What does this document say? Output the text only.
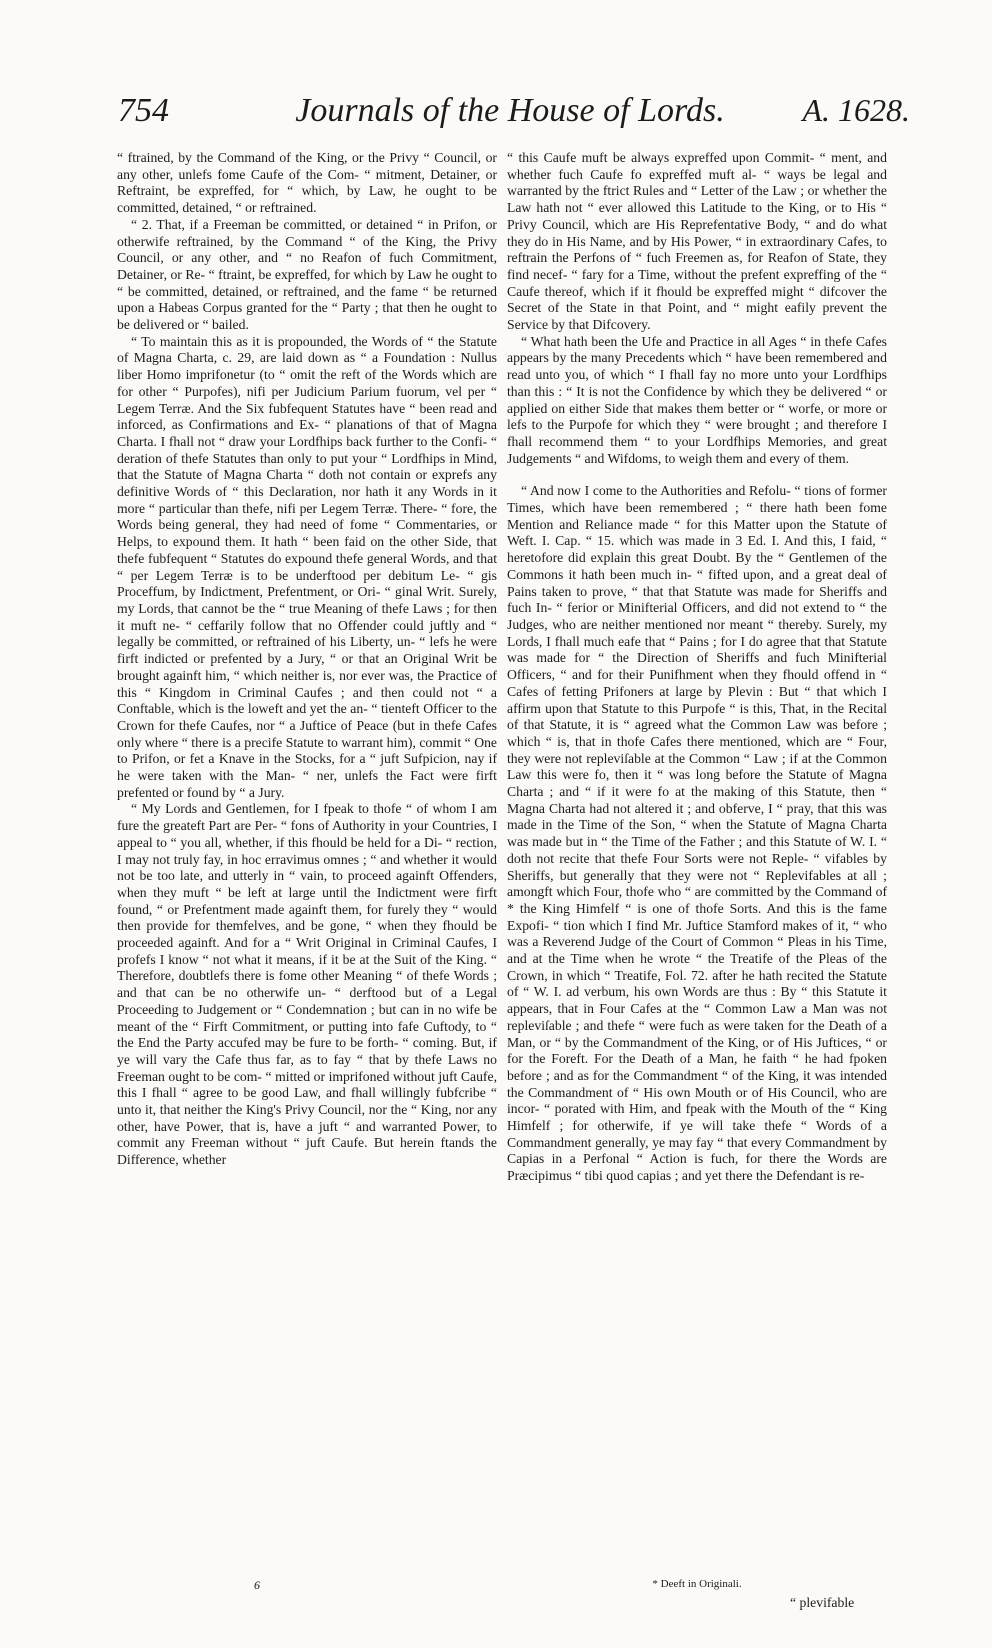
754	Journals of the House of Lords.	A. 1628.

“ ftrained, by the Command of the King, or the Privy “ Council, or any other, unlefs fome Caufe of the Com- “ mitment, Detainer, or Reftraint, be expreffed, for “ which, by Law, he ought to be committed, detained, “ or reftrained.

“ 2. That, if a Freeman be committed, or detained “ in Prifon, or otherwife reftrained, by the Command “ of the King, the Privy Council, or any other, and “ no Reafon of fuch Commitment, Detainer, or Re- “ ftraint, be expreffed, for which by Law he ought to “ be committed, detained, or reftrained, and the fame “ be returned upon a Habeas Corpus granted for the “ Party ; that then he ought to be delivered or “ bailed.

“ To maintain this as it is propounded, the Words of “ the Statute of Magna Charta, c. 29, are laid down as “ a Foundation : Nullus liber Homo imprifonetur (to “ omit the reft of the Words which are for other “ Purpofes), nifi per Judicium Parium fuorum, vel per “ Legem Terræ. And the Six fubfequent Statutes have “ been read and inforced, as Confirmations and Ex- “ planations of that of Magna Charta. I fhall not “ draw your Lordfhips back further to the Confi- “ deration of thefe Statutes than only to put your “ Lordfhips in Mind, that the Statute of Magna Charta “ doth not contain or exprefs any definitive Words of “ this Declaration, nor hath it any Words in it more “ particular than thefe, nifi per Legem Terræ. There- “ fore, the Words being general, they had need of fome “ Commentaries, or Helps, to expound them. It hath “ been faid on the other Side, that thefe fubfequent “ Statutes do expound thefe general Words, and that “ per Legem Terræ is to be underftood per debitum Le- “ gis Proceffum, by Indictment, Prefentment, or Ori- “ ginal Writ. Surely, my Lords, that cannot be the “ true Meaning of thefe Laws ; for then it muft ne- “ ceffarily follow that no Offender could juftly and “ legally be committed, or reftrained of his Liberty, un- “ lefs he were firft indicted or prefented by a Jury, “ or that an Original Writ be brought againft him, “ which neither is, nor ever was, the Practice of this “ Kingdom in Criminal Caufes ; and then could not “ a Conftable, which is the loweft and yet the an- “ tienteft Officer to the Crown for thefe Caufes, nor “ a Juftice of Peace (but in thefe Cafes only where “ there is a precife Statute to warrant him), commit “ One to Prifon, or fet a Knave in the Stocks, for a “ juft Sufpicion, nay if he were taken with the Man- “ ner, unlefs the Fact were firft prefented or found by “ a Jury.

“ My Lords and Gentlemen, for I fpeak to thofe “ of whom I am fure the greateft Part are Per- “ fons of Authority in your Countries, I appeal to “ you all, whether, if this fhould be held for a Di- “ rection, I may not truly fay, in hoc erravimus omnes ; “ and whether it would not be too late, and utterly in “ vain, to proceed againft Offenders, when they muft “ be left at large until the Indictment were firft found, “ or Prefentment made againft them, for furely they “ would then provide for themfelves, and be gone, “ when they fhould be proceeded againft. And for a “ Writ Original in Criminal Caufes, I profefs I know “ not what it means, if it be at the Suit of the King. “ Therefore, doubtlefs there is fome other Meaning “ of thefe Words ; and that can be no otherwife un- “ derftood but of a Legal Proceeding to Judgement or “ Condemnation ; but can in no wife be meant of the “ Firft Commitment, or putting into fafe Cuftody, to “ the End the Party accufed may be fure to be forth- “ coming. But, if ye will vary the Cafe thus far, as to fay “ that by thefe Laws no Freeman ought to be com- “ mitted or imprifoned without juft Caufe, this I fhall “ agree to be good Law, and fhall willingly fubfcribe “ unto it, that neither the King's Privy Council, nor the “ King, nor any other, have Power, that is, have a juft “ and warranted Power, to commit any Freeman without “ juft Caufe. But herein ftands the Difference, whether

“ this Caufe muft be always expreffed upon Commit- “ ment, and whether fuch Caufe fo expreffed muft al- “ ways be legal and warranted by the ftrict Rules and “ Letter of the Law ; or whether the Law hath not “ ever allowed this Latitude to the King, or to His “ Privy Council, which are His Reprefentative Body, “ and do what they do in His Name, and by His Power, “ in extraordinary Cafes, to reftrain the Perfons of “ fuch Freemen as, for Reafon of State, they find necef- “ fary for a Time, without the prefent expreffing of the “ Caufe thereof, which if it fhould be expreffed might “ difcover the Secret of the State in that Point, and “ might eafily prevent the Service by that Difcovery.

“ What hath been the Ufe and Practice in all Ages “ in thefe Cafes appears by the many Precedents which “ have been remembered and read unto you, of which “ I fhall fay no more unto your Lordfhips than this : “ It is not the Confidence by which they be delivered “ or applied on either Side that makes them better or “ worfe, or more or lefs to the Purpofe for which they “ were brought ; and therefore I fhall recommend them “ to your Lordfhips Memories, and great Judgements “ and Wifdoms, to weigh them and every of them.

“ And now I come to the Authorities and Refolu- “ tions of former Times, which have been remembered ; “ there hath been fome Mention and Reliance made “ for this Matter upon the Statute of Weft. I. Cap. “ 15. which was made in 3 Ed. I. And this, I faid, “ heretofore did explain this great Doubt. By the “ Gentlemen of the Commons it hath been much in- “ fifted upon, and a great deal of Pains taken to prove, “ that that Statute was made for Sheriffs and fuch In- “ ferior or Minifterial Officers, and did not extend to “ the Judges, who are neither mentioned nor meant “ thereby. Surely, my Lords, I fhall much eafe that “ Pains ; for I do agree that that Statute was made for “ the Direction of Sheriffs and fuch Minifterial Officers, “ and for their Punifhment when they fhould offend in “ Cafes of fetting Prifoners at large by Plevin : But “ that which I affirm upon that Statute to this Purpofe “ is this, That, in the Recital of that Statute, it is “ agreed what the Common Law was before ; which “ is, that in thofe Cafes there mentioned, which are “ Four, they were not repleviſable at the Common “ Law ; if at the Common Law this were fo, then it “ was long before the Statute of Magna Charta ; and “ if it were fo at the making of this Statute, then “ Magna Charta had not altered it ; and obferve, I “ pray, that this was made in the Time of the Son, “ when the Statute of Magna Charta was made but in “ the Time of the Father ; and this Statute of W. I. “ doth not recite that thefe Four Sorts were not Reple- “ vifables by Sheriffs, but generally that they were not “ Replevifables at all ; amongft which Four, thofe who “ are committed by the Command of * the King Himfelf “ is one of thofe Sorts. And this is the fame Expofi- “ tion which I find Mr. Juftice Stamford makes of it, “ who was a Reverend Judge of the Court of Common “ Pleas in his Time, and at the Time when he wrote “ the Treatife of the Pleas of the Crown, in which “ Treatife, Fol. 72. after he hath recited the Statute of “ W. I. ad verbum, his own Words are thus : By “ this Statute it appears, that in Four Cafes at the “ Common Law a Man was not repleviſable ; and thefe “ were fuch as were taken for the Death of a Man, or “ by the Commandment of the King, or of His Juftices, “ or for the Foreft. For the Death of a Man, he faith “ he had fpoken before ; and as for the Commandment “ of the King, it was intended the Commandment of “ His own Mouth or of His Council, who are incor- “ porated with Him, and fpeak with the Mouth of the “ King Himfelf ; for otherwife, if ye will take thefe “ Words of a Commandment generally, ye may fay “ that every Commandment by Capias in a Perfonal “ Action is fuch, for there the Words are Præcipimus “ tibi quod capias ; and yet there the Defendant is re-

6	* Deeft in Originali.
“ plevifable
